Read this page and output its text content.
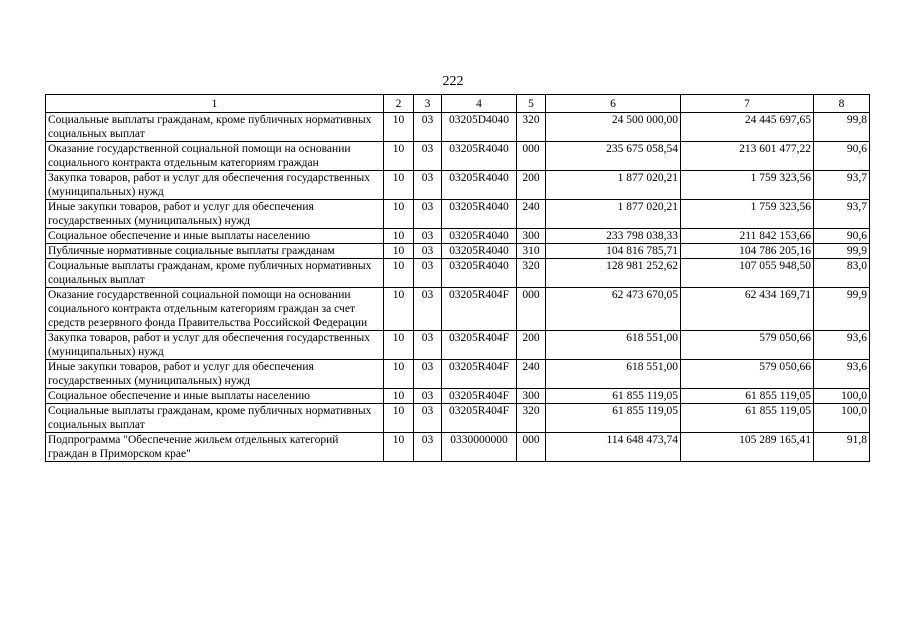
222
1	2	3	4	5	6	7	8
Социальные выплаты гражданам, кроме публичных нормативных социальных выплат	10	03	03205D4040	320	24 500 000,00	24 445 697,65	99,8
Оказание государственной социальной помощи на основании социального контракта отдельным категориям граждан	10	03	03205R4040	000	235 675 058,54	213 601 477,22	90,6
Закупка товаров, работ и услуг для обеспечения государственных (муниципальных) нужд	10	03	03205R4040	200	1 877 020,21	1 759 323,56	93,7
Иные закупки товаров, работ и услуг для обеспечения государственных (муниципальных) нужд	10	03	03205R4040	240	1 877 020,21	1 759 323,56	93,7
Социальное обеспечение и иные выплаты населению	10	03	03205R4040	300	233 798 038,33	211 842 153,66	90,6
Публичные нормативные социальные выплаты гражданам	10	03	03205R4040	310	104 816 785,71	104 786 205,16	99,9
Социальные выплаты гражданам, кроме публичных нормативных социальных выплат	10	03	03205R4040	320	128 981 252,62	107 055 948,50	83,0
Оказание государственной социальной помощи на основании социального контракта отдельным категориям граждан за счет средств резервного фонда Правительства Российской Федерации	10	03	03205R404F	000	62 473 670,05	62 434 169,71	99,9
Закупка товаров, работ и услуг для обеспечения государственных (муниципальных) нужд	10	03	03205R404F	200	618 551,00	579 050,66	93,6
Иные закупки товаров, работ и услуг для обеспечения государственных (муниципальных) нужд	10	03	03205R404F	240	618 551,00	579 050,66	93,6
Социальное обеспечение и иные выплаты населению	10	03	03205R404F	300	61 855 119,05	61 855 119,05	100,0
Социальные выплаты гражданам, кроме публичных нормативных социальных выплат	10	03	03205R404F	320	61 855 119,05	61 855 119,05	100,0
Подпрограмма "Обеспечение жильем отдельных категорий граждан в Приморском крае"	10	03	0330000000	000	114 648 473,74	105 289 165,41	91,8
